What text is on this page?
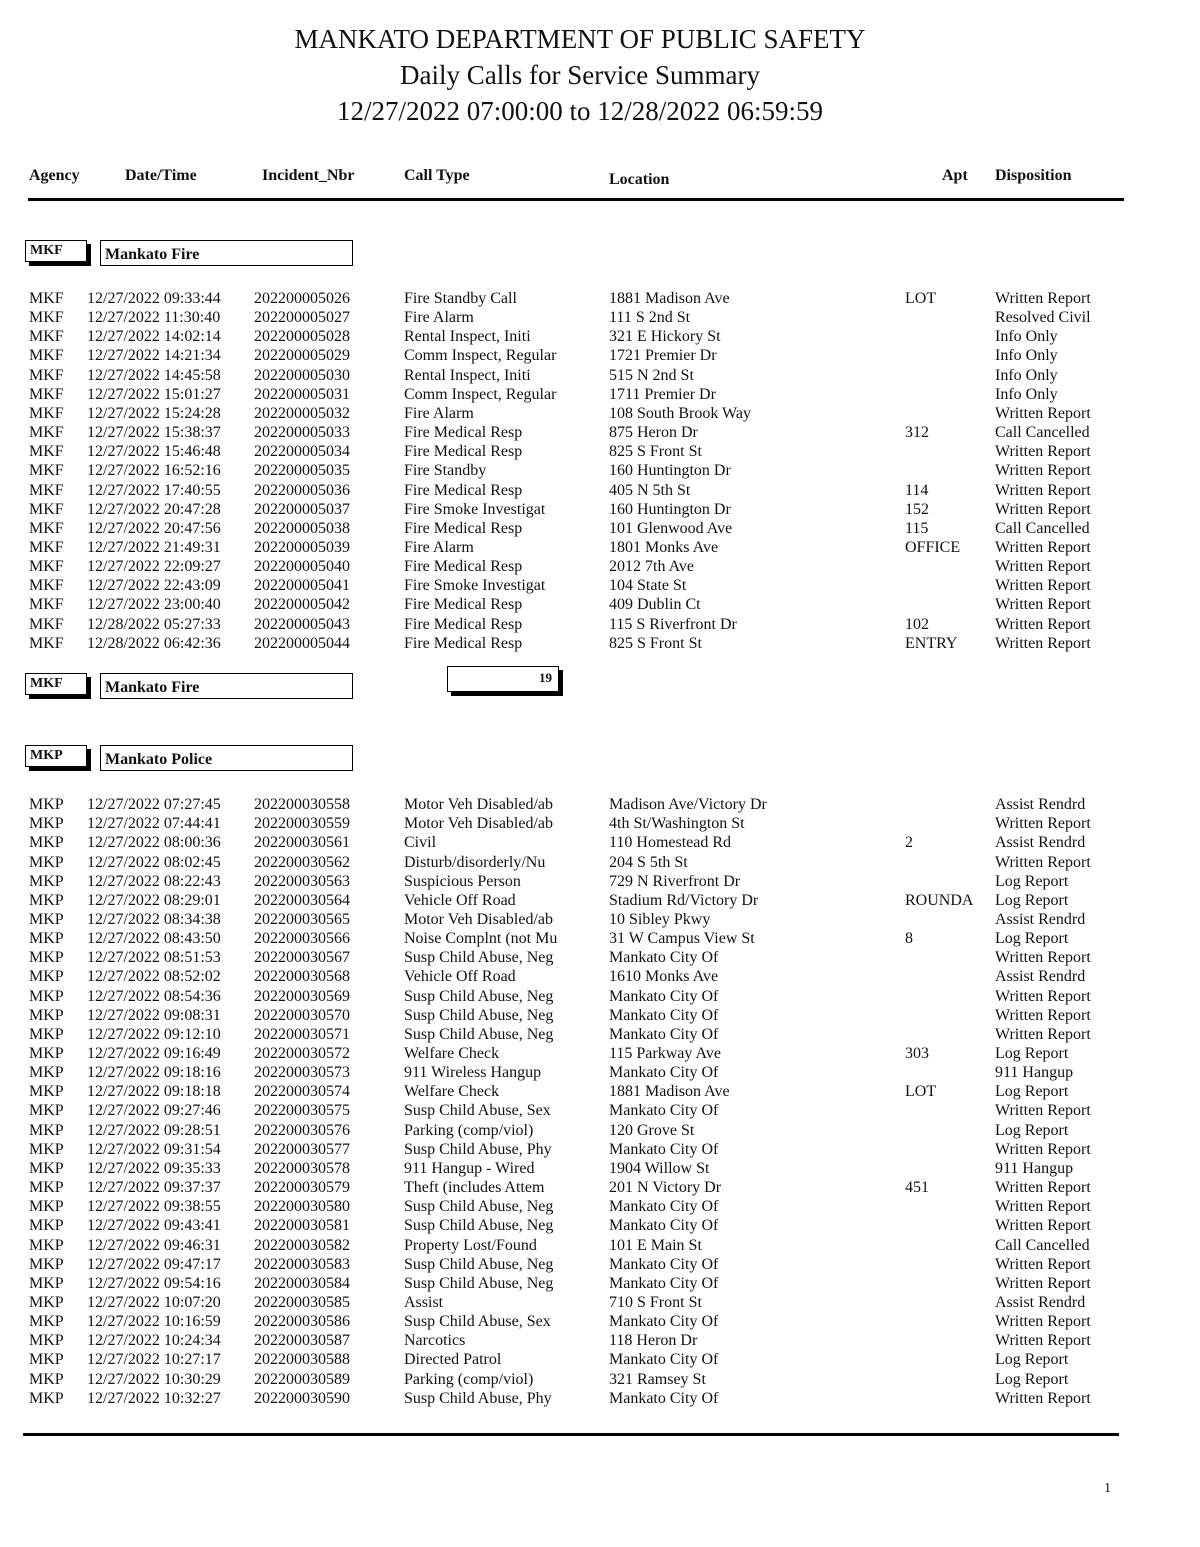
MANKATO DEPARTMENT OF PUBLIC SAFETY
Daily Calls for Service Summary
12/27/2022 07:00:00 to 12/28/2022 06:59:59
Agency	Date/Time	Incident_Nbr	Call Type	Location	Apt Disposition
MKF	Mankato Fire
MKF 12/27/2022 09:33:44 202200005026	Fire Standby Call	1881 Madison Ave	LOT	Written Report
MKF 12/27/2022 11:30:40 202200005027	Fire Alarm	111 S 2nd St	Resolved Civil
MKF 12/27/2022 14:02:14 202200005028	Rental Inspect, Initi	321 E Hickory St	Info Only
MKF 12/27/2022 14:21:34 202200005029	Comm Inspect, Regular	1721 Premier Dr	Info Only
MKF 12/27/2022 14:45:58 202200005030	Rental Inspect, Initi	515 N 2nd St	Info Only
MKF 12/27/2022 15:01:27 202200005031	Comm Inspect, Regular	1711 Premier Dr	Info Only
MKF 12/27/2022 15:24:28 202200005032	Fire Alarm	108 South Brook Way	Written Report
MKF 12/27/2022 15:38:37 202200005033	Fire Medical Resp	875 Heron Dr	312	Call Cancelled
MKF 12/27/2022 15:46:48 202200005034	Fire Medical Resp	825 S Front St	Written Report
MKF 12/27/2022 16:52:16 202200005035	Fire Standby	160 Huntington Dr	Written Report
MKF 12/27/2022 17:40:55 202200005036	Fire Medical Resp	405 N 5th St	114	Written Report
MKF 12/27/2022 20:47:28 202200005037	Fire Smoke Investigat	160 Huntington Dr	152	Written Report
MKF 12/27/2022 20:47:56 202200005038	Fire Medical Resp	101 Glenwood Ave	115	Call Cancelled
MKF 12/27/2022 21:49:31 202200005039	Fire Alarm	1801 Monks Ave	OFFICE	Written Report
MKF 12/27/2022 22:09:27 202200005040	Fire Medical Resp	2012 7th Ave	Written Report
MKF 12/27/2022 22:43:09 202200005041	Fire Smoke Investigat	104 State St	Written Report
MKF 12/27/2022 23:00:40 202200005042	Fire Medical Resp	409 Dublin Ct	Written Report
MKF 12/28/2022 05:27:33 202200005043	Fire Medical Resp	115 S Riverfront Dr	102	Written Report
MKF 12/28/2022 06:42:36 202200005044	Fire Medical Resp	825 S Front St	ENTRY	Written Report
MKF	Mankato Fire
19
MKP	Mankato Police
MKP 12/27/2022 07:27:45 202200030558	Motor Veh Disabled/ab	Madison Ave/Victory Dr	Assist Rendrd
MKP 12/27/2022 07:44:41 202200030559	Motor Veh Disabled/ab	4th St/Washington St	Written Report
MKP 12/27/2022 08:00:36 202200030561	Civil	110 Homestead Rd	2	Assist Rendrd
MKP 12/27/2022 08:02:45 202200030562	Disturb/disorderly/Nu	204 S 5th St	Written Report
MKP 12/27/2022 08:22:43 202200030563	Suspicious Person	729 N Riverfront Dr	Log Report
MKP 12/27/2022 08:29:01 202200030564	Vehicle Off Road	Stadium Rd/Victory Dr	ROUNDA Log Report
MKP 12/27/2022 08:34:38 202200030565	Motor Veh Disabled/ab	10 Sibley Pkwy	Assist Rendrd
MKP 12/27/2022 08:43:50 202200030566	Noise Complnt (not Mu	31 W Campus View St	8	Log Report
MKP 12/27/2022 08:51:53 202200030567	Susp Child Abuse, Neg	Mankato City Of	Written Report
MKP 12/27/2022 08:52:02 202200030568	Vehicle Off Road	1610 Monks Ave	Assist Rendrd
MKP 12/27/2022 08:54:36 202200030569	Susp Child Abuse, Neg	Mankato City Of	Written Report
MKP 12/27/2022 09:08:31 202200030570	Susp Child Abuse, Neg	Mankato City Of	Written Report
MKP 12/27/2022 09:12:10 202200030571	Susp Child Abuse, Neg	Mankato City Of	Written Report
MKP 12/27/2022 09:16:49 202200030572	Welfare Check	115 Parkway Ave	303	Log Report
MKP 12/27/2022 09:18:16 202200030573	911 Wireless Hangup	Mankato City Of	911 Hangup
MKP 12/27/2022 09:18:18 202200030574	Welfare Check	1881 Madison Ave	LOT	Log Report
MKP 12/27/2022 09:27:46 202200030575	Susp Child Abuse, Sex	Mankato City Of	Written Report
MKP 12/27/2022 09:28:51 202200030576	Parking (comp/viol)	120 Grove St	Log Report
MKP 12/27/2022 09:31:54 202200030577	Susp Child Abuse, Phy	Mankato City Of	Written Report
MKP 12/27/2022 09:35:33 202200030578	911 Hangup - Wired	1904 Willow St	911 Hangup
MKP 12/27/2022 09:37:37 202200030579	Theft (includes Attem	201 N Victory Dr	451	Written Report
MKP 12/27/2022 09:38:55 202200030580	Susp Child Abuse, Neg	Mankato City Of	Written Report
MKP 12/27/2022 09:43:41 202200030581	Susp Child Abuse, Neg	Mankato City Of	Written Report
MKP 12/27/2022 09:46:31 202200030582	Property Lost/Found	101 E Main St	Call Cancelled
MKP 12/27/2022 09:47:17 202200030583	Susp Child Abuse, Neg	Mankato City Of	Written Report
MKP 12/27/2022 09:54:16 202200030584	Susp Child Abuse, Neg	Mankato City Of	Written Report
MKP 12/27/2022 10:07:20 202200030585	Assist	710 S Front St	Assist Rendrd
MKP 12/27/2022 10:16:59 202200030586	Susp Child Abuse, Sex	Mankato City Of	Written Report
MKP 12/27/2022 10:24:34 202200030587	Narcotics	118 Heron Dr	Written Report
MKP 12/27/2022 10:27:17 202200030588	Directed Patrol	Mankato City Of	Log Report
MKP 12/27/2022 10:30:29 202200030589	Parking (comp/viol)	321 Ramsey St	Log Report
MKP 12/27/2022 10:32:27 202200030590	Susp Child Abuse, Phy	Mankato City Of	Written Report
1
